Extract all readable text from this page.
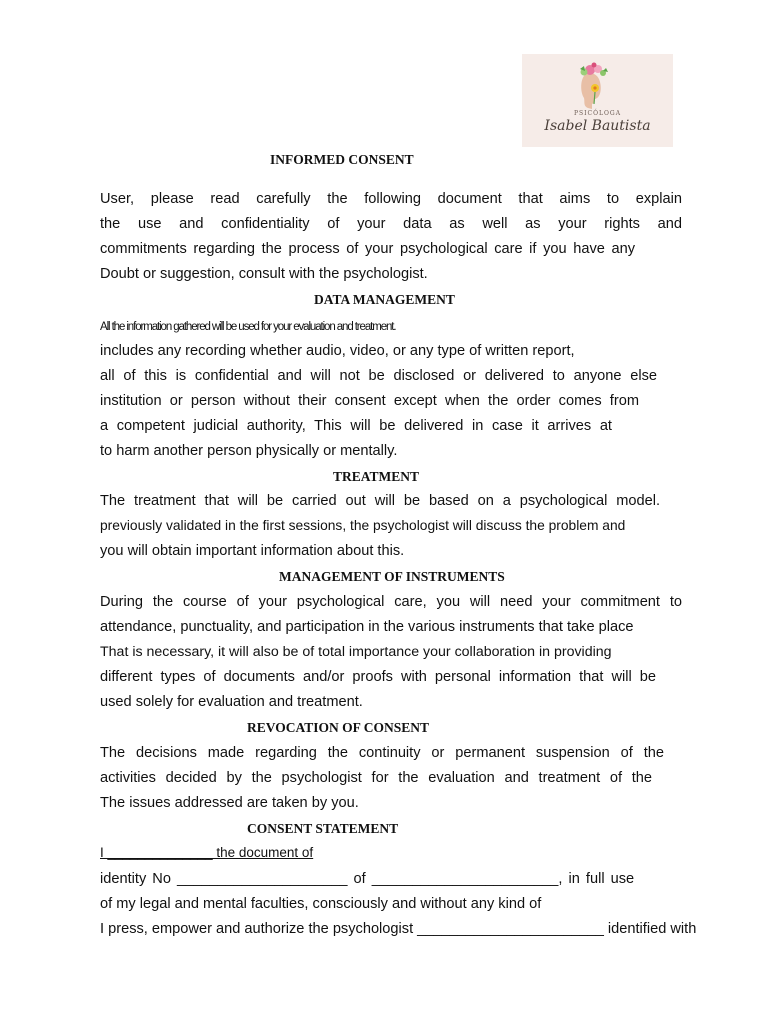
PSICÓLOGA
Isabel Bautista
INFORMED CONSENT
User, please read carefully the following document that aims to explain
the use and confidentiality of your data as well as your rights and
commitments regarding the process of your psychological care if you have any
Doubt or suggestion, consult with the psychologist.
DATA MANAGEMENT
All the information gathered will be used for your evaluation and treatment.
includes any recording whether audio, video, or any type of written report,
all of this is confidential and will not be disclosed or delivered to anyone else
institution or person without their consent except when the order comes from
a competent judicial authority, This will be delivered in case it arrives at
to harm another person physically or mentally.
TREATMENT
The treatment that will be carried out will be based on a psychological model.
previously validated in the first sessions, the psychologist will discuss the problem and
you will obtain important information about this.
MANAGEMENT OF INSTRUMENTS
During the course of your psychological care, you will need your commitment to
attendance, punctuality, and participation in the various instruments that take place
That is necessary, it will also be of total importance your collaboration in providing
different types of documents and/or proofs with personal information that will be
used solely for evaluation and treatment.
REVOCATION OF CONSENT
The decisions made regarding the continuity or permanent suspension of the
activities decided by the psychologist for the evaluation and treatment of the
The issues addressed are taken by you.
CONSENT STATEMENT
I ______________ the document of
identity No _____________________ of _______________________, in full use
of my legal and mental faculties, consciously and without any kind of
I press, empower and authorize the psychologist _______________________ identified with
